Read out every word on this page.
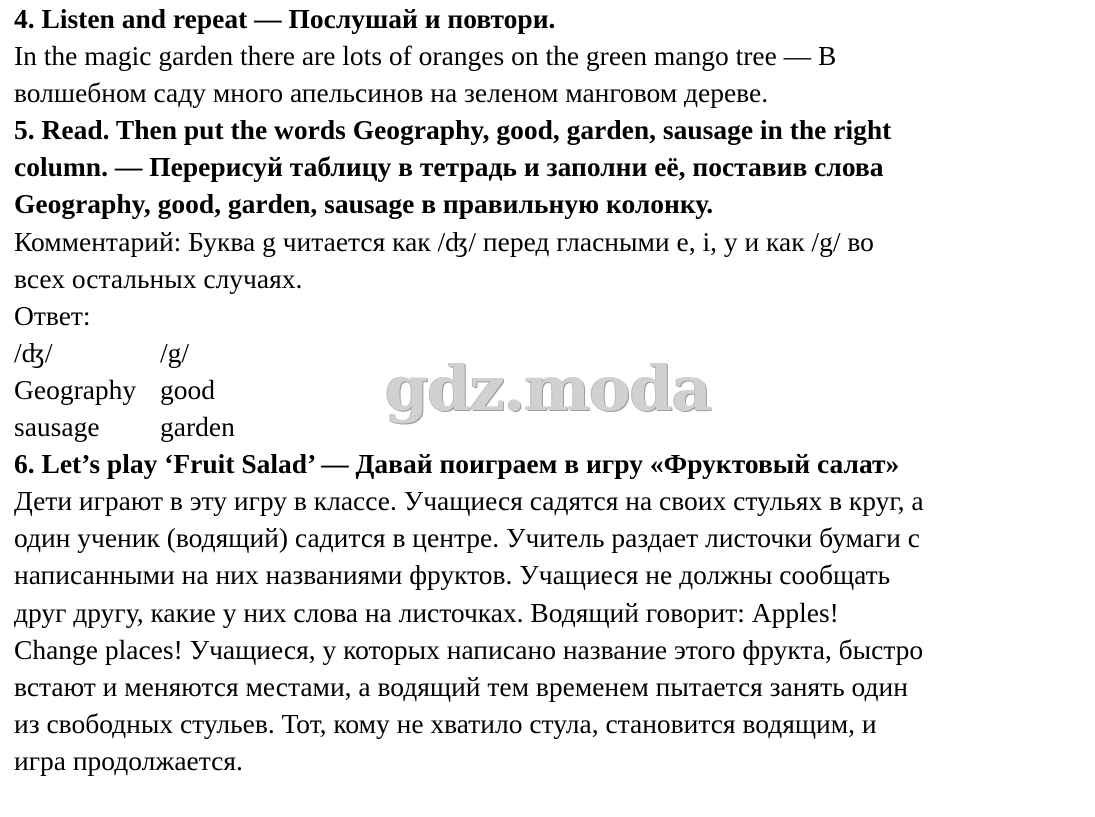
4. Listen and repeat — Послушай и повтори.
In the magic garden there are lots of oranges on the green mango tree — В
волшебном саду много апельсинов на зеленом манговом дереве.
5. Read. Then put the words Geography, good, garden, sausage in the right
column. — Перерисуй таблицу в тетрадь и заполни её, поставив слова
Geography, good, garden, sausage в правильную колонку.
Комментарий: Буква g читается как /ʤ/ перед гласными e, i, y и как /g/ во
всех остальных случаях.
Ответ:
/ʤ/	/g/
Geography good
sausage garden
6. Let’s play ‘Fruit Salad’ — Давай поиграем в игру «Фруктовый салат»
Дети играют в эту игру в классе. Учащиеся садятся на своих стульях в круг, а
один ученик (водящий) садится в центре. Учитель раздает листочки бумаги с
написанными на них названиями фруктов. Учащиеся не должны сообщать
друг другу, какие у них слова на листочках. Водящий говорит: Apples!
Change places! Учащиеся, у которых написано название этого фрукта, быстро
встают и меняются местами, а водящий тем временем пытается занять один
из свободных стульев. Тот, кому не хватило стула, становится водящим, и
игра продолжается.
gdz.moda
